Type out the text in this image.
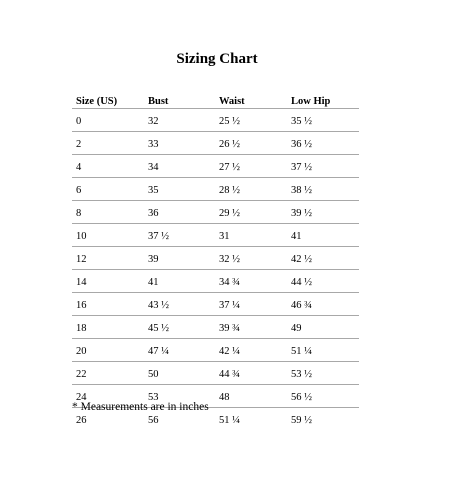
Sizing Chart
Size (US)	Bust	Waist	Low Hip
0	32	25 ½	35 ½
2	33	26 ½	36 ½
4	34	27 ½	37 ½
6	35	28 ½	38 ½
8	36	29 ½	39 ½
10	37 ½	31	41
12	39	32 ½	42 ½
14	41	34 ¾	44 ½
16	43 ½	37 ¼	46 ¾
18	45 ½	39 ¾	49
20	47 ¼	42 ¼	51 ¼
22	50	44 ¾	53 ½
24	53	48	56 ½
26	56	51 ¼	59 ½
* Measurements are in inches
